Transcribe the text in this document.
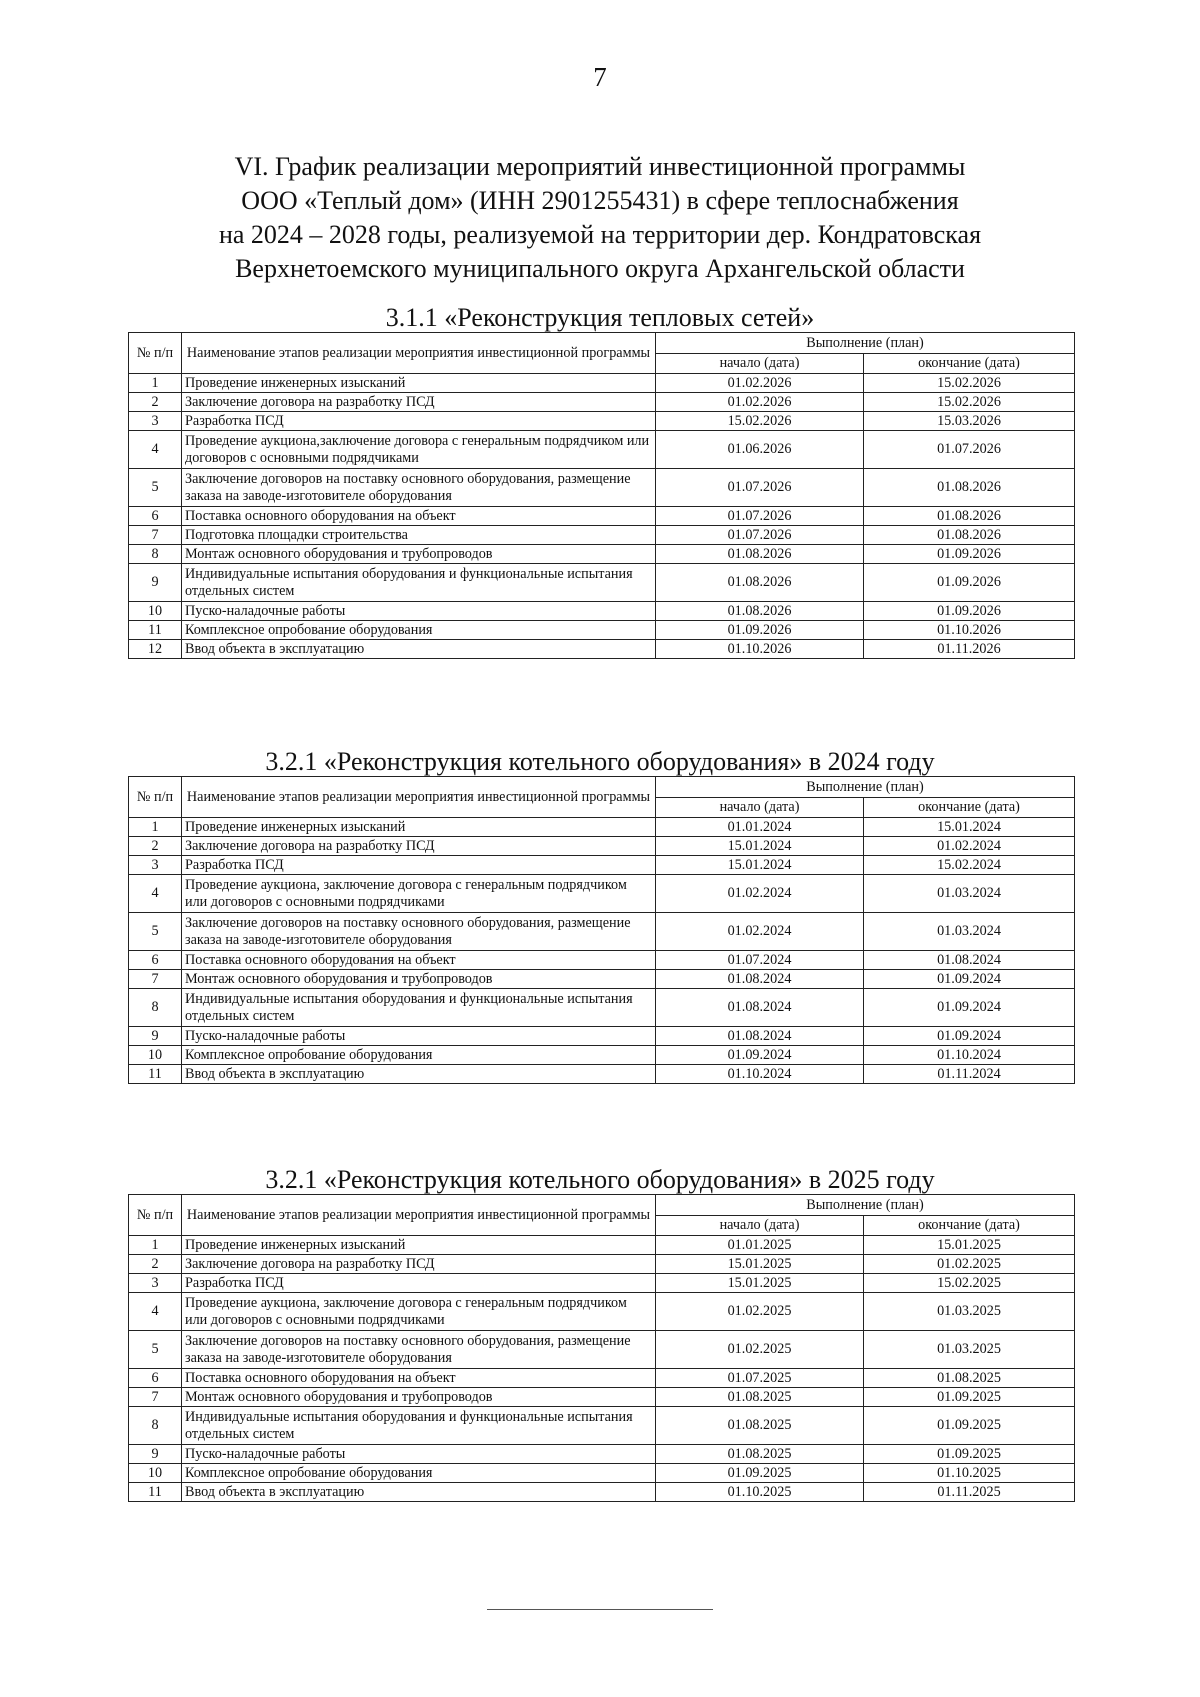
7
VI. График реализации мероприятий инвестиционной программы
ООО «Теплый дом» (ИНН 2901255431) в сфере теплоснабжения
на 2024 – 2028 годы, реализуемой на территории дер. Кондратовская
Верхнетоемского муниципального округа Архангельской области
3.1.1 «Реконструкция тепловых сетей»
№ п/п	Наименование этапов реализации мероприятия инвестиционной программы	Выполнение (план)	
		начало (дата)	окончание (дата)
1	Проведение инженерных изысканий	01.02.2026	15.02.2026
2	Заключение договора на разработку ПСД	01.02.2026	15.02.2026
3	Разработка ПСД	15.02.2026	15.03.2026
4	Проведение аукциона,заключение договора с генеральным подрядчиком или договоров с основными подрядчиками	01.06.2026	01.07.2026
5	Заключение договоров на поставку основного оборудования, размещение заказа на заводе-изготовителе оборудования	01.07.2026	01.08.2026
6	Поставка основного оборудования на объект	01.07.2026	01.08.2026
7	Подготовка площадки строительства	01.07.2026	01.08.2026
8	Монтаж основного оборудования и трубопроводов	01.08.2026	01.09.2026
9	Индивидуальные испытания оборудования и функциональные испытания отдельных систем	01.08.2026	01.09.2026
10	Пуско-наладочные работы	01.08.2026	01.09.2026
11	Комплексное опробование оборудования	01.09.2026	01.10.2026
12	Ввод объекта в эксплуатацию	01.10.2026	01.11.2026
3.2.1 «Реконструкция котельного оборудования» в 2024 году
№ п/п	Наименование этапов реализации мероприятия инвестиционной программы	Выполнение (план)	
		начало (дата)	окончание (дата)
1	Проведение инженерных изысканий	01.01.2024	15.01.2024
2	Заключение договора на разработку ПСД	15.01.2024	01.02.2024
3	Разработка ПСД	15.01.2024	15.02.2024
4	Проведение аукциона, заключение договора с генеральным подрядчиком или договоров с основными подрядчиками	01.02.2024	01.03.2024
5	Заключение договоров на поставку основного оборудования, размещение заказа на заводе-изготовителе оборудования	01.02.2024	01.03.2024
6	Поставка основного оборудования на объект	01.07.2024	01.08.2024
7	Монтаж основного оборудования и трубопроводов	01.08.2024	01.09.2024
8	Индивидуальные испытания оборудования и функциональные испытания отдельных систем	01.08.2024	01.09.2024
9	Пуско-наладочные работы	01.08.2024	01.09.2024
10	Комплексное опробование оборудования	01.09.2024	01.10.2024
11	Ввод объекта в эксплуатацию	01.10.2024	01.11.2024
3.2.1 «Реконструкция котельного оборудования» в 2025 году
№ п/п	Наименование этапов реализации мероприятия инвестиционной программы	Выполнение (план)	
		начало (дата)	окончание (дата)
1	Проведение инженерных изысканий	01.01.2025	15.01.2025
2	Заключение договора на разработку ПСД	15.01.2025	01.02.2025
3	Разработка ПСД	15.01.2025	15.02.2025
4	Проведение аукциона, заключение договора с генеральным подрядчиком или договоров с основными подрядчиками	01.02.2025	01.03.2025
5	Заключение договоров на поставку основного оборудования, размещение заказа на заводе-изготовителе оборудования	01.02.2025	01.03.2025
6	Поставка основного оборудования на объект	01.07.2025	01.08.2025
7	Монтаж основного оборудования и трубопроводов	01.08.2025	01.09.2025
8	Индивидуальные испытания оборудования и функциональные испытания отдельных систем	01.08.2025	01.09.2025
9	Пуско-наладочные работы	01.08.2025	01.09.2025
10	Комплексное опробование оборудования	01.09.2025	01.10.2025
11	Ввод объекта в эксплуатацию	01.10.2025	01.11.2025
